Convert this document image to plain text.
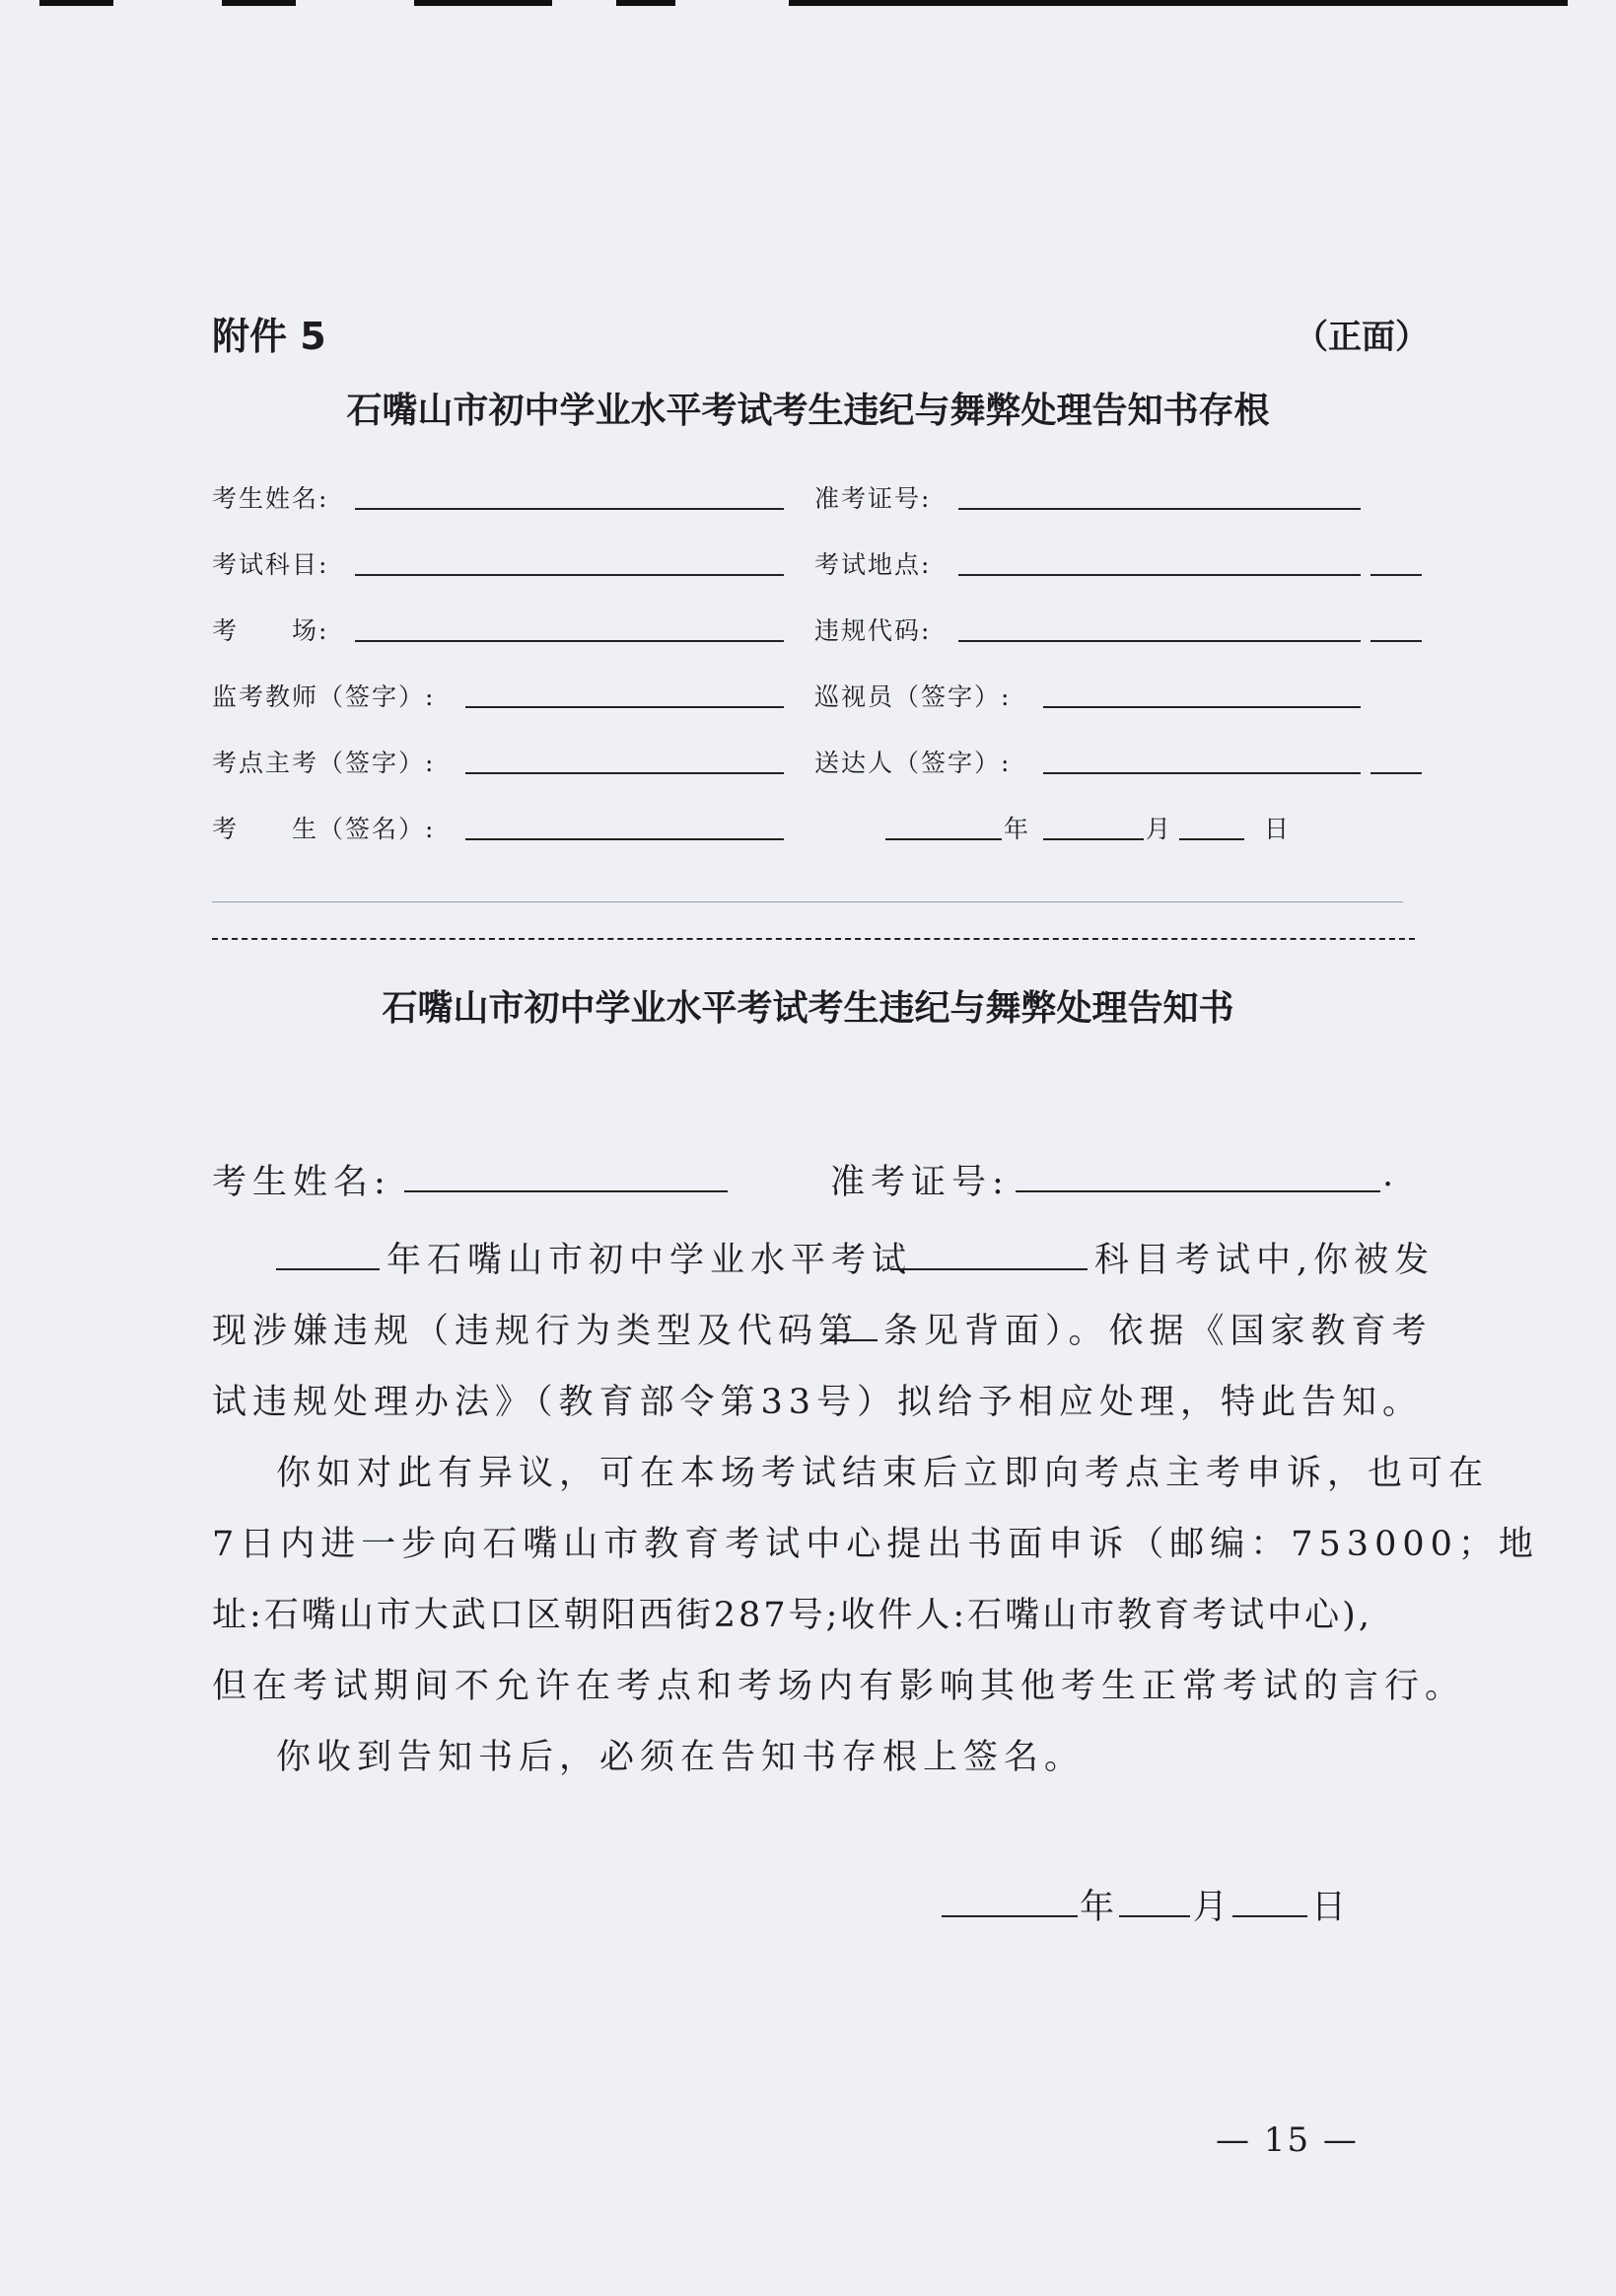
附件 5	（正面）
石嘴山市初中学业水平考试考生违纪与舞弊处理告知书存根
考生姓名:	准考证号:
考试科目:	考试地点:
考　　场:	违规代码:
监考教师（签字）:	巡视员（签字）:
考点主考（签字）:	送达人（签字）:
考　　生（签名）:	年	月	日
石嘴山市初中学业水平考试考生违纪与舞弊处理告知书
考生姓名:	准考证号:	.
年石嘴山市初中学业水平考试	科目考试中,你被发
现涉嫌违规（违规行为类型及代码第 条见背面）。依据《国家教育考
试违规处理办法》（教育部令第33号）拟给予相应处理，特此告知。
你如对此有异议，可在本场考试结束后立即向考点主考申诉，也可在
7日内进一步向石嘴山市教育考试中心提出书面申诉（邮编：753000；地
址:石嘴山市大武口区朝阳西街287号;收件人:石嘴山市教育考试中心),
但在考试期间不允许在考点和考场内有影响其他考生正常考试的言行。
你收到告知书后，必须在告知书存根上签名。
年 月 日
— 15 —
